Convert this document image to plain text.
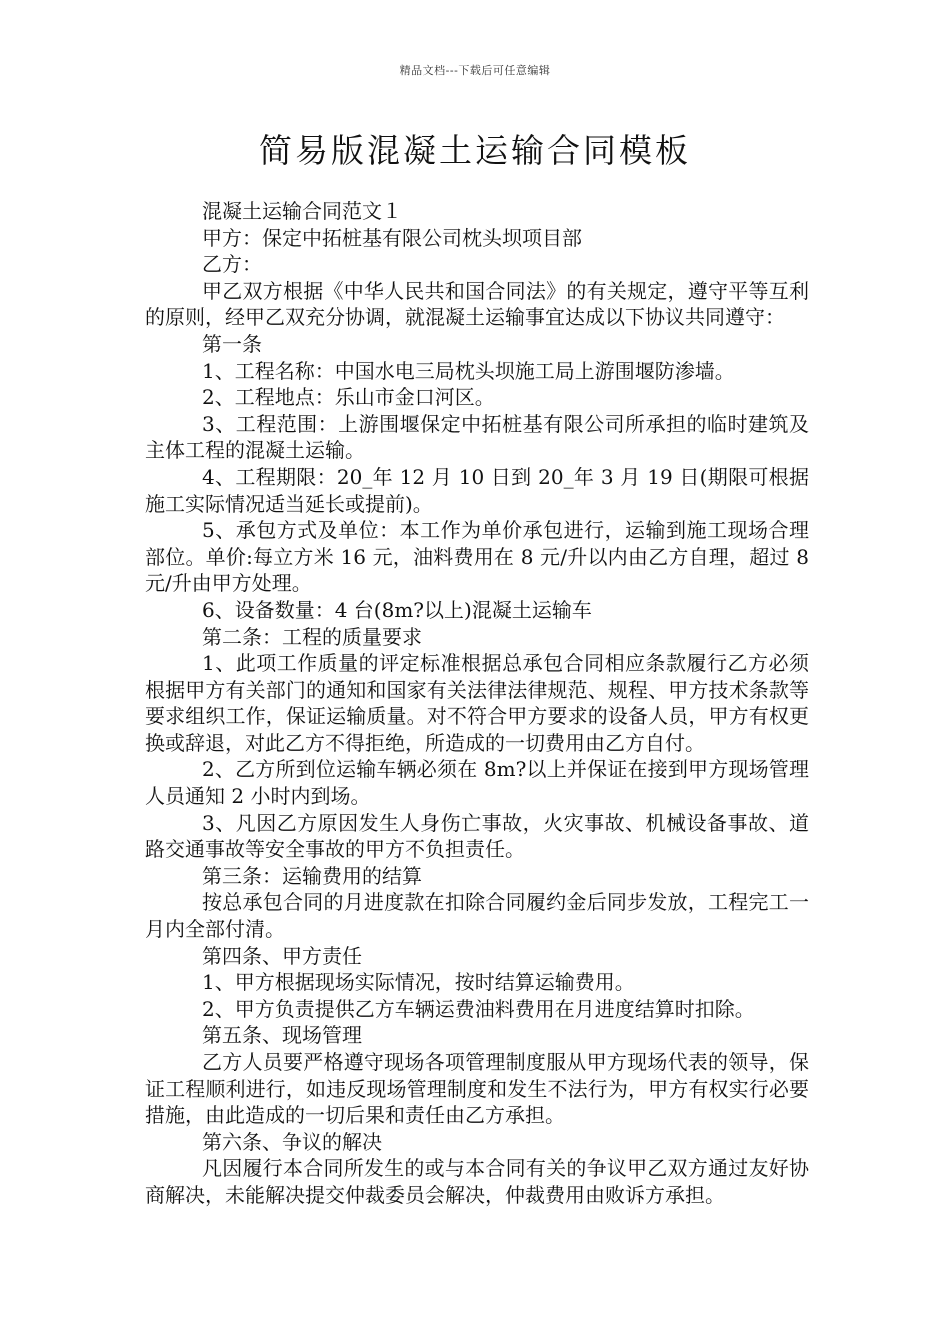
精品文档---下载后可任意编辑
简易版混凝土运输合同模板

混凝土运输合同范文１

甲方：保定中拓桩基有限公司枕头坝项目部

乙方：

甲乙双方根据《中华人民共和国合同法》的有关规定，遵守平等互利的原则，经甲乙双充分协调，就混凝土运输事宜达成以下协议共同遵守：

第一条

1、工程名称：中国水电三局枕头坝施工局上游围堰防渗墙。

2、工程地点：乐山市金口河区。

3、工程范围：上游围堰保定中拓桩基有限公司所承担的临时建筑及主体工程的混凝土运输。

4、工程期限：20_年 12 月 10 日到 20_年 3 月 19 日(期限可根据施工实际情况适当延长或提前)。

5、承包方式及单位：本工作为单价承包进行，运输到施工现场合理部位。单价:每立方米 16 元，油料费用在 8 元/升以内由乙方自理，超过 8 元/升由甲方处理。

6、设备数量：4 台(8m?以上)混凝土运输车

第二条：工程的质量要求

1、此项工作质量的评定标准根据总承包合同相应条款履行乙方必须根据甲方有关部门的通知和国家有关法律法律规范、规程、甲方技术条款等要求组织工作，保证运输质量。对不符合甲方要求的设备人员，甲方有权更换或辞退，对此乙方不得拒绝，所造成的一切费用由乙方自付。

2、乙方所到位运输车辆必须在 8m?以上并保证在接到甲方现场管理人员通知 2 小时内到场。

3、凡因乙方原因发生人身伤亡事故，火灾事故、机械设备事故、道路交通事故等安全事故的甲方不负担责任。

第三条：运输费用的结算

按总承包合同的月进度款在扣除合同履约金后同步发放，工程完工一月内全部付清。

第四条、甲方责任

1、甲方根据现场实际情况，按时结算运输费用。

2、甲方负责提供乙方车辆运费油料费用在月进度结算时扣除。

第五条、现场管理

乙方人员要严格遵守现场各项管理制度服从甲方现场代表的领导，保证工程顺利进行，如违反现场管理制度和发生不法行为，甲方有权实行必要措施，由此造成的一切后果和责任由乙方承担。

第六条、争议的解决

凡因履行本合同所发生的或与本合同有关的争议甲乙双方通过友好协商解决，未能解决提交仲裁委员会解决，仲裁费用由败诉方承担。
